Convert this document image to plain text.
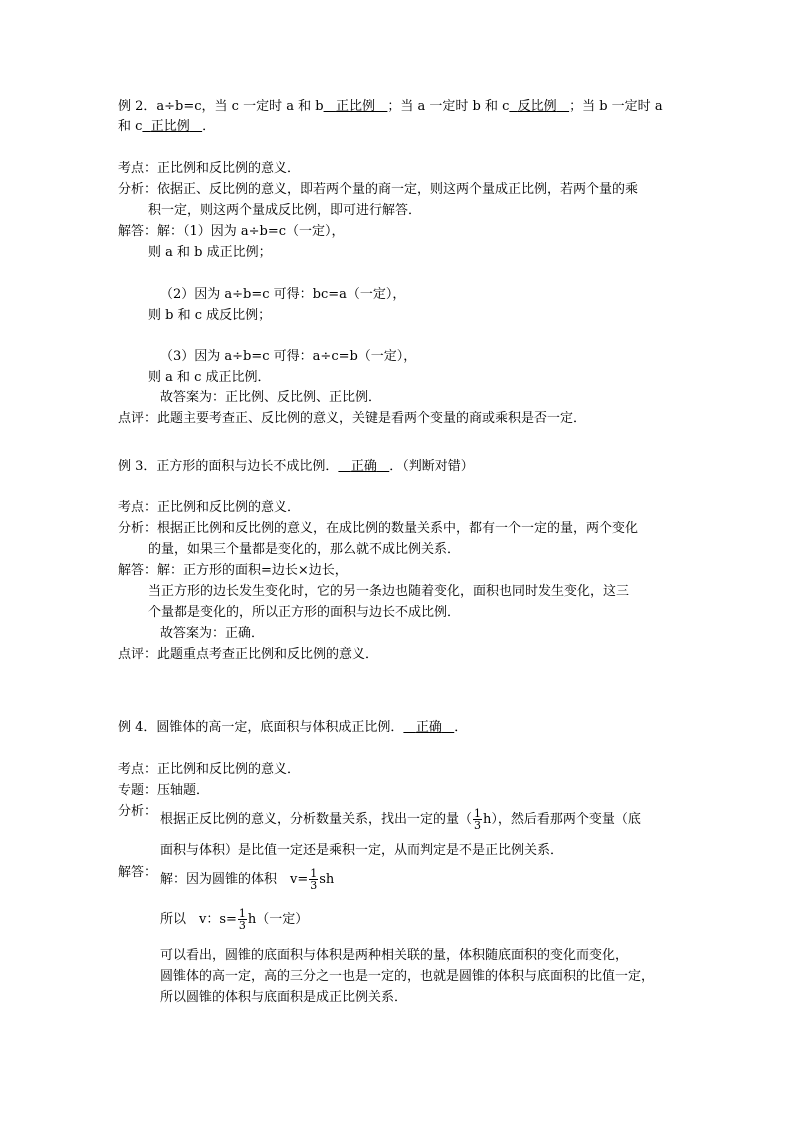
例 2．a÷b=c，当 c 一定时 a 和 b 正比例 ；当 a 一定时 b 和 c 反比例 ；当 b 一定时 a
和 c 正比例 ．
考点：正比例和反比例的意义．
分析：依据正、反比例的意义，即若两个量的商一定，则这两个量成正比例，若两个量的乘
积一定，则这两个量成反比例，即可进行解答．
解答：解：（1）因为 a÷b=c（一定），
则 a 和 b 成正比例；
（2）因为 a÷b=c 可得：bc=a（一定），
则 b 和 c 成反比例；
（3）因为 a÷b=c 可得：a÷c=b（一定），
则 a 和 c 成正比例．
故答案为：正比例、反比例、正比例．
点评：此题主要考查正、反比例的意义，关键是看两个变量的商或乘积是否一定．
例 3．正方形的面积与边长不成比例． 正确 ．（判断对错）
考点：正比例和反比例的意义．
分析：根据正比例和反比例的意义，在成比例的数量关系中，都有一个一定的量，两个变化
的量，如果三个量都是变化的，那么就不成比例关系．
解答：解：正方形的面积=边长×边长，
当正方形的边长发生变化时，它的另一条边也随着变化，面积也同时发生变化，这三
个量都是变化的，所以正方形的面积与边长不成比例．
故答案为：正确．
点评：此题重点考查正比例和反比例的意义．
例 4．圆锥体的高一定，底面积与体积成正比例． 正确 ．
考点：正比例和反比例的意义．
专题：压轴题．
分析：
根据正反比例的意义，分析数量关系，找出一定的量（ $\frac{1}{3} h$），然后看那两个变量（底
面积与体积）是比值一定还是乘积一定，从而判定是不是正比例关系．
解答： 解：因为圆锥的体积　$v= \frac{1}{3}$ sh
所以　v：$s= \frac{1}{3} h$（一定）
可以看出，圆锥的底面积与体积是两种相关联的量，体积随底面积的变化而变化，
圆锥体的高一定，高的三分之一也是一定的，也就是圆锥的体积与底面积的比值一定，
所以圆锥的体积与底面积是成正比例关系．
